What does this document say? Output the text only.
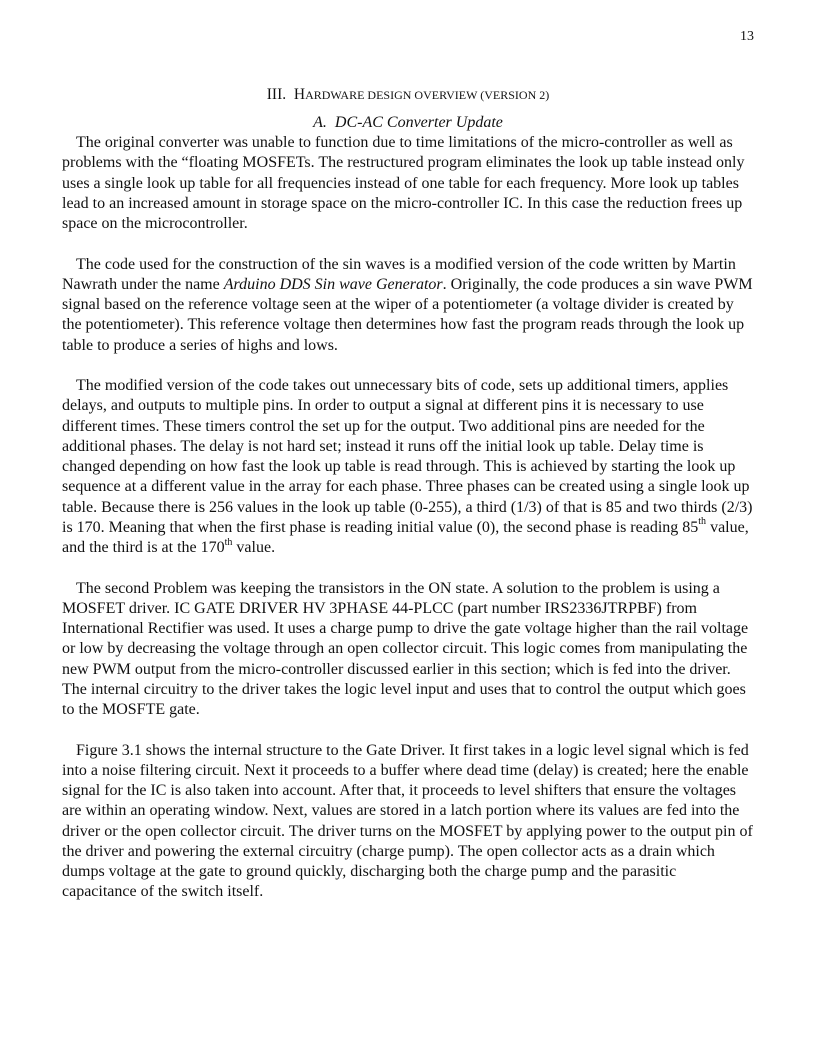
13
III. HARDWARE DESIGN OVERVIEW (VERSION 2)
A. DC-AC Converter Update

The original converter was unable to function due to time limitations of the micro-controller as well as
problems with the “floating MOSFETs. The restructured program eliminates the look up table instead only
uses a single look up table for all frequencies instead of one table for each frequency. More look up tables
lead to an increased amount in storage space on the micro-controller IC. In this case the reduction frees up
space on the microcontroller.

The code used for the construction of the sin waves is a modified version of the code written by Martin
Nawrath under the name Arduino DDS Sin wave Generator. Originally, the code produces a sin wave PWM
signal based on the reference voltage seen at the wiper of a potentiometer (a voltage divider is created by
the potentiometer). This reference voltage then determines how fast the program reads through the look up
table to produce a series of highs and lows.

The modified version of the code takes out unnecessary bits of code, sets up additional timers, applies
delays, and outputs to multiple pins. In order to output a signal at different pins it is necessary to use
different times. These timers control the set up for the output. Two additional pins are needed for the
additional phases. The delay is not hard set; instead it runs off the initial look up table. Delay time is
changed depending on how fast the look up table is read through. This is achieved by starting the look up
sequence at a different value in the array for each phase. Three phases can be created using a single look up
table. Because there is 256 values in the look up table (0-255), a third (1/3) of that is 85 and two thirds (2/3)
is 170. Meaning that when the first phase is reading initial value (0), the second phase is reading 85th value,
and the third is at the 170th value.

The second Problem was keeping the transistors in the ON state. A solution to the problem is using a
MOSFET driver. IC GATE DRIVER HV 3PHASE 44-PLCC (part number IRS2336JTRPBF) from
International Rectifier was used. It uses a charge pump to drive the gate voltage higher than the rail voltage
or low by decreasing the voltage through an open collector circuit. This logic comes from manipulating the
new PWM output from the micro-controller discussed earlier in this section; which is fed into the driver.
The internal circuitry to the driver takes the logic level input and uses that to control the output which goes
to the MOSFTE gate.

Figure 3.1 shows the internal structure to the Gate Driver. It first takes in a logic level signal which is fed
into a noise filtering circuit. Next it proceeds to a buffer where dead time (delay) is created; here the enable
signal for the IC is also taken into account. After that, it proceeds to level shifters that ensure the voltages
are within an operating window. Next, values are stored in a latch portion where its values are fed into the
driver or the open collector circuit. The driver turns on the MOSFET by applying power to the output pin of
the driver and powering the external circuitry (charge pump). The open collector acts as a drain which
dumps voltage at the gate to ground quickly, discharging both the charge pump and the parasitic
capacitance of the switch itself.
